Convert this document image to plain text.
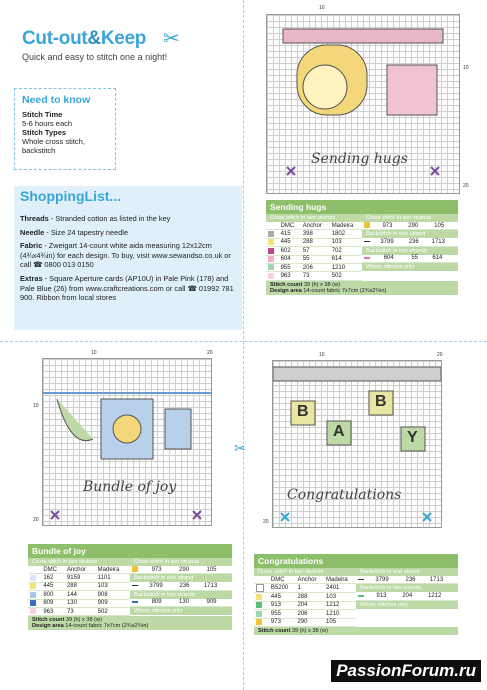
✂
Cut-out&Keep ✂
Quick and easy to stitch one a night!
Need to know
Stitch Time
5-6 hours each
Stitch Types
Whole cross stitch, backstitch
ShoppingList...

Threads - Stranded cotton as listed in the key

Needle - Size 24 tapestry needle

Fabric - Zweigart 14-count white aida measuring 12x12cm (4¾x4¾in) for each design. To buy, visit www.sewandso.co.uk or call ☎ 0800 013 0150

Extras - Square Aperture cards (AP10U) in Pale Pink (178) and Pale Blue (26) from www.craftcreations.com or call ☎ 01992 781 900. Ribbon from local stores

Sending hugs
10
10
20
Sending hugs
Cross stitch in two strands
	DMC	Anchor	Madeira
	415	398	1802
	445	288	103
	602	57	702
	604	55	614
	955	206	1210
	963	73	502
Cross stitch in two strands
	973	290	105
Backstitch in one strand
	3799	236	1713
Backstitch in two strands
	604	55	614
Whole stitches only
Stitch count 39 (h) x 38 (w)
Design area 14-count fabric 7x7cm (2¾x2¾in)
Bundle of joy
10	20
10
20
Bundle of joy
Cross stitch in two strands
	DMC	Anchor	Madeira
	162	9159	1101
	445	288	103
	800	144	908
	809	130	909
	963	73	502
Cross stitch in two strands
	973	290	105
Backstitch in one strand
	3799	236	1713
Backstitch in two strands
	809	130	909
Whole stitches only
Stitch count 39 (h) x 38 (w)
Design area 14-count fabric 7x7cm (2¾x2¾in)
B
A
B
Y
Congratulations
10	20
20
Congratulations
Cross stitch in two strands
	DMC	Anchor	Madeira
	B5200	1	2401
	445	288	103
	913	204	1212
	955	206	1210
	973	290	105
Backstitch in one strand
	3799	236	1713
Backstitch in two strands
	913	204	1212
Whole stitches only
Stitch count 39 (h) x 38 (w)
PassionForum.ru
